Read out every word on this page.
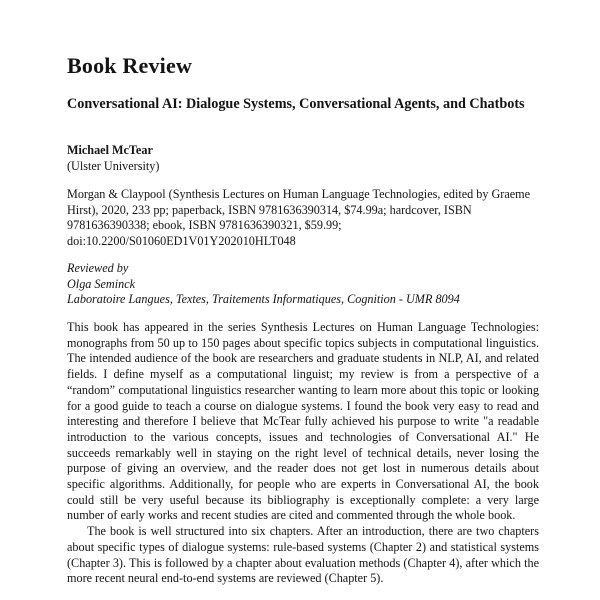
Book Review
Conversational AI: Dialogue Systems, Conversational Agents, and Chatbots
Michael McTear
(Ulster University)

Morgan & Claypool (Synthesis Lectures on Human Language Technologies, edited by Graeme Hirst), 2020, 233 pp; paperback, ISBN 9781636390314, $74.99a; hardcover, ISBN 9781636390338; ebook, ISBN 9781636390321, $59.99; doi:10.2200/S01060ED1V01Y202010HLT048

Reviewed by
Olga Seminck
Laboratoire Langues, Textes, Traitements Informatiques, Cognition - UMR 8094

This book has appeared in the series Synthesis Lectures on Human Language Technologies: monographs from 50 up to 150 pages about specific topics subjects in computational linguistics. The intended audience of the book are researchers and graduate students in NLP, AI, and related fields. I define myself as a computational linguist; my review is from a perspective of a “random” computational linguistics researcher wanting to learn more about this topic or looking for a good guide to teach a course on dialogue systems. I found the book very easy to read and interesting and therefore I believe that McTear fully achieved his purpose to write "a readable introduction to the various concepts, issues and technologies of Conversational AI." He succeeds remarkably well in staying on the right level of technical details, never losing the purpose of giving an overview, and the reader does not get lost in numerous details about specific algorithms. Additionally, for people who are experts in Conversational AI, the book could still be very useful because its bibliography is exceptionally complete: a very large number of early works and recent studies are cited and commented through the whole book.

The book is well structured into six chapters. After an introduction, there are two chapters about specific types of dialogue systems: rule-based systems (Chapter 2) and statistical systems (Chapter 3). This is followed by a chapter about evaluation methods (Chapter 4), after which the more recent neural end-to-end systems are reviewed (Chapter 5).
